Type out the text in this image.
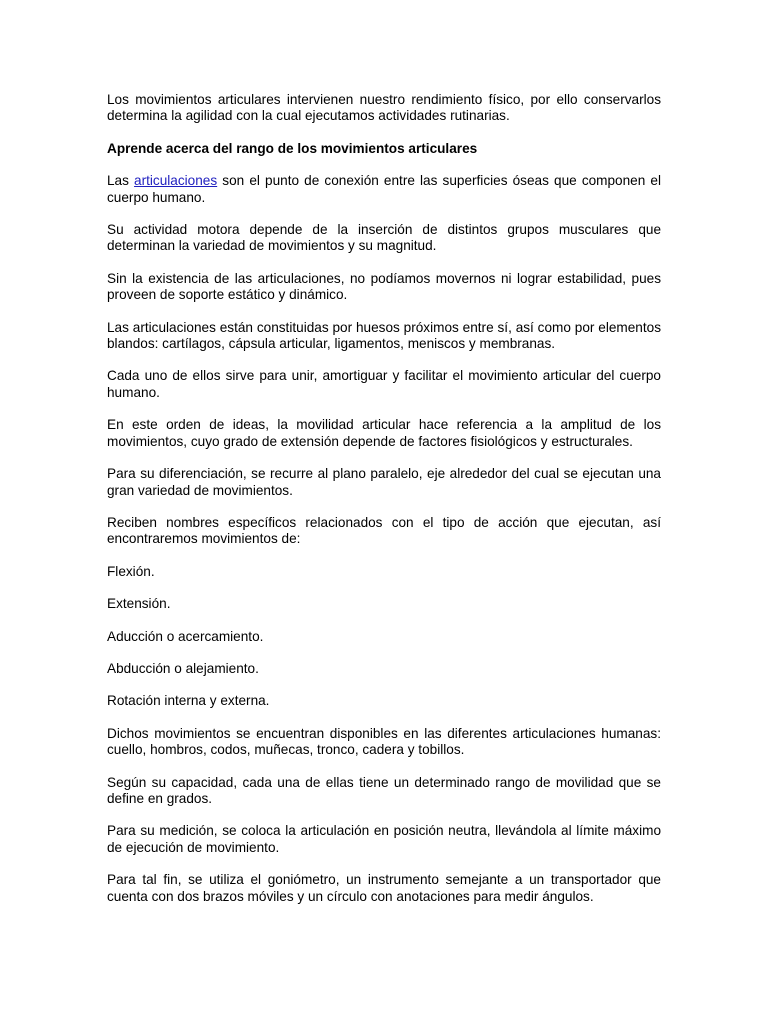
Los movimientos articulares intervienen nuestro rendimiento físico, por ello conservarlos determina la agilidad con la cual ejecutamos actividades rutinarias.

Aprende acerca del rango de los movimientos articulares

Las articulaciones son el punto de conexión entre las superficies óseas que componen el cuerpo humano.

Su actividad motora depende de la inserción de distintos grupos musculares que determinan la variedad de movimientos y su magnitud.

Sin la existencia de las articulaciones, no podíamos movernos ni lograr estabilidad, pues proveen de soporte estático y dinámico.

Las articulaciones están constituidas por huesos próximos entre sí, así como por elementos blandos: cartílagos, cápsula articular, ligamentos, meniscos y membranas.

Cada uno de ellos sirve para unir, amortiguar y facilitar el movimiento articular del cuerpo humano.

En este orden de ideas, la movilidad articular hace referencia a la amplitud de los movimientos, cuyo grado de extensión depende de factores fisiológicos y estructurales.

Para su diferenciación, se recurre al plano paralelo, eje alrededor del cual se ejecutan una gran variedad de movimientos.

Reciben nombres específicos relacionados con el tipo de acción que ejecutan, así encontraremos movimientos de:

Flexión.

Extensión.

Aducción o acercamiento.

Abducción o alejamiento.

Rotación interna y externa.

Dichos movimientos se encuentran disponibles en las diferentes articulaciones humanas: cuello, hombros, codos, muñecas, tronco, cadera y tobillos.

Según su capacidad, cada una de ellas tiene un determinado rango de movilidad que se define en grados.

Para su medición, se coloca la articulación en posición neutra, llevándola al límite máximo de ejecución de movimiento.

Para tal fin, se utiliza el goniómetro, un instrumento semejante a un transportador que cuenta con dos brazos móviles y un círculo con anotaciones para medir ángulos.
